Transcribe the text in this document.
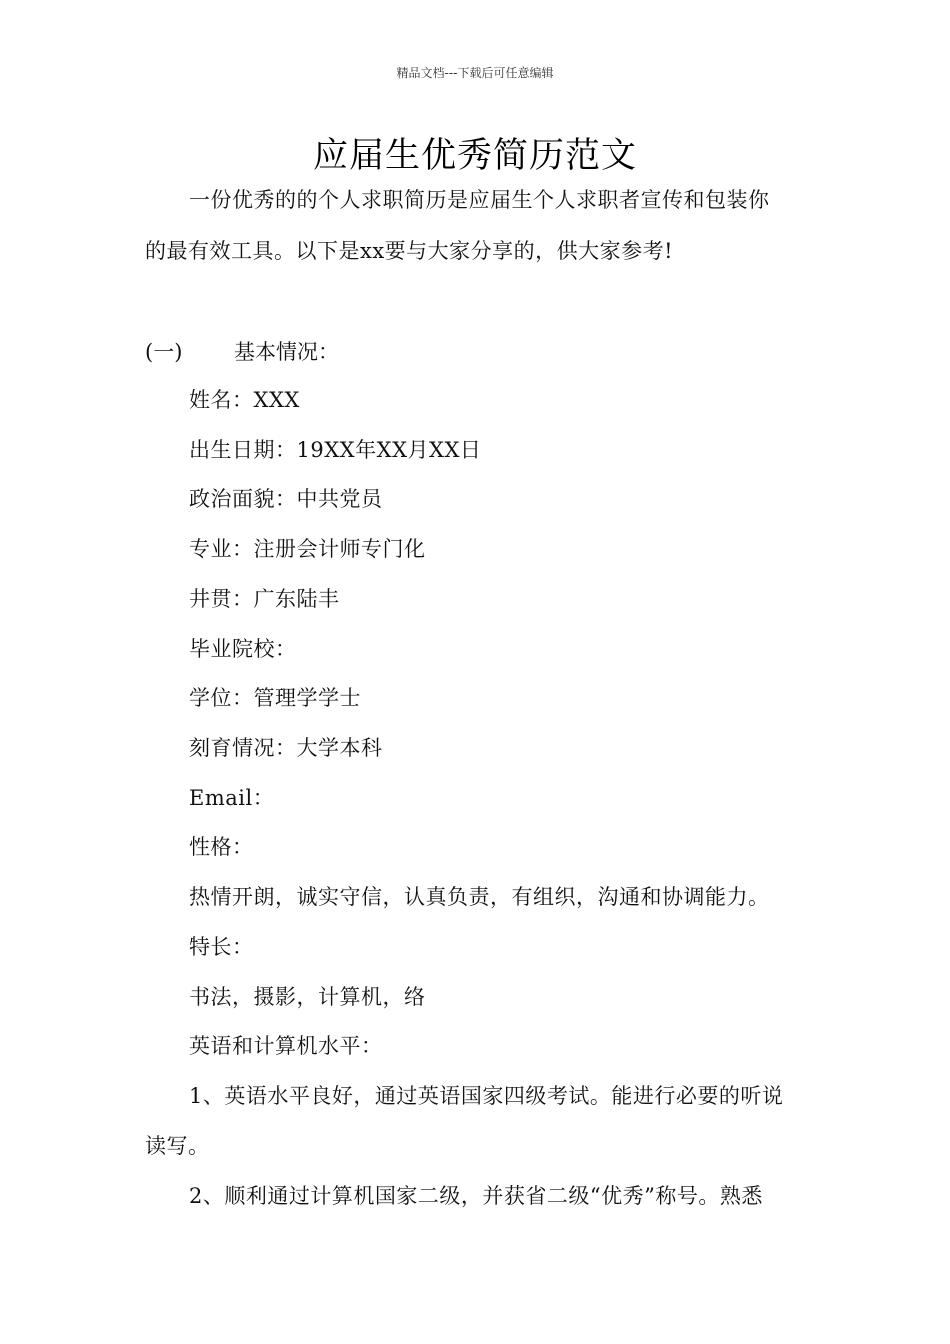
精品文档---下载后可任意编辑
应届生优秀简历范文
一份优秀的的个人求职简历是应届生个人求职者宣传和包装你
的最有效工具。以下是xx要与大家分享的，供大家参考!
(一) 基本情况：
姓名：XXX
出生日期：19XX年XX月XX日
政治面貌：中共党员
专业：注册会计师专门化
井贯：广东陆丰
毕业院校：
学位：管理学学士
刻育情况：大学本科
Email：
性格：
热情开朗，诚实守信，认真负责，有组织，沟通和协调能力。
特长：
书法，摄影，计算机，络
英语和计算机水平：
1、英语水平良好，通过英语国家四级考试。能进行必要的听说
读写。
2、顺利通过计算机国家二级，并获省二级“优秀”称号。熟悉
